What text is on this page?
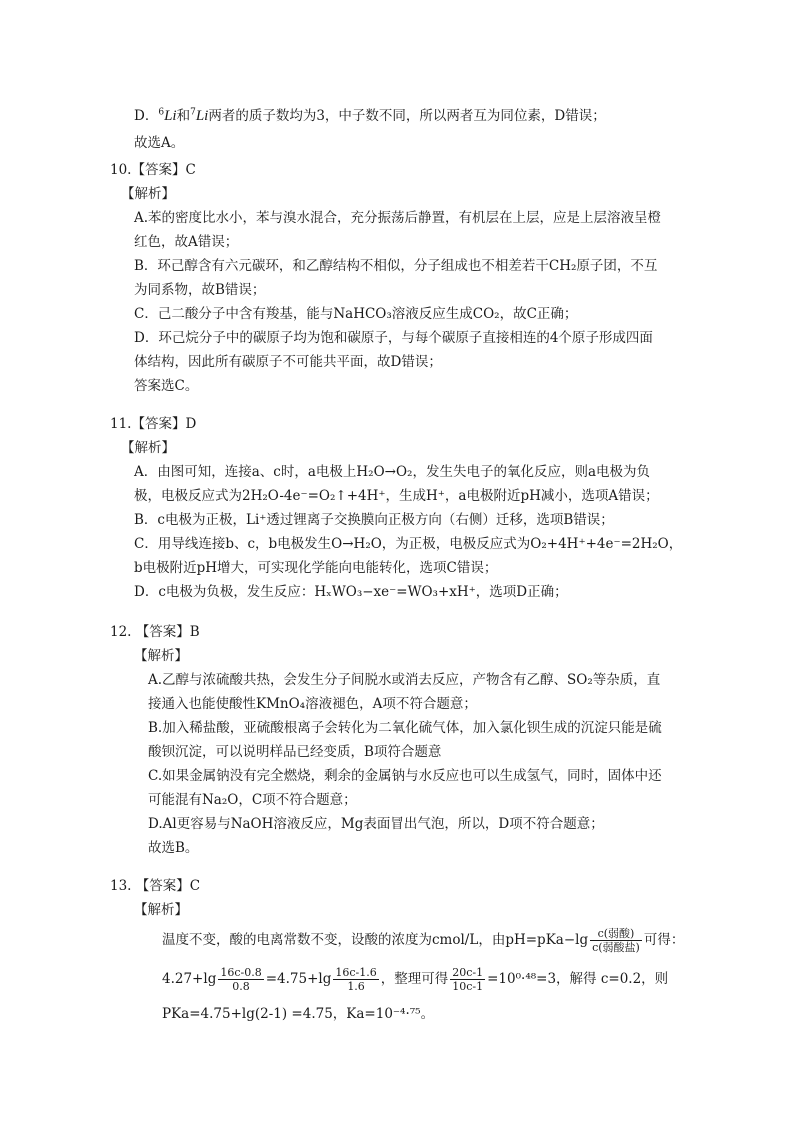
D．$^6$Li和$^7$Li两者的质子数均为3，中子数不同，所以两者互为同位素，D错误；
故选A。
10.【答案】C
【解析】
A.苯的密度比水小，苯与溴水混合，充分振荡后静置，有机层在上层，应是上层溶液呈橙
红色，故A错误；
B．环己醇含有六元碳环，和乙醇结构不相似，分子组成也不相差若干CH₂原子团，不互
为同系物，故B错误；
C．己二酸分子中含有羧基，能与NaHCO₃溶液反应生成CO₂，故C正确；
D．环己烷分子中的碳原子均为饱和碳原子，与每个碳原子直接相连的4个原子形成四面
体结构，因此所有碳原子不可能共平面，故D错误；
答案选C。
11.【答案】D
【解析】
A．由图可知，连接a、c时，a电极上H₂O→O₂，发生失电子的氧化反应，则a电极为负
极，电极反应式为2H₂O-4e⁻=O₂↑+4H⁺，生成H⁺，a电极附近pH减小，选项A错误；
B．c电极为正极，Li⁺透过锂离子交换膜向正极方向（右侧）迁移，选项B错误；
C．用导线连接b、c，b电极发生O→H₂O，为正极，电极反应式为O₂+4H⁺+4e⁻=2H₂O，
b电极附近pH增大，可实现化学能向电能转化，选项C错误；
D．c电极为负极，发生反应：HₓWO₃−xe⁻=WO₃+xH⁺，选项D正确；
12. 【答案】B
【解析】
A.乙醇与浓硫酸共热，会发生分子间脱水或消去反应，产物含有乙醇、SO₂等杂质，直
接通入也能使酸性KMnO₄溶液褪色，A项不符合题意；
B.加入稀盐酸，亚硫酸根离子会转化为二氧化硫气体，加入氯化钡生成的沉淀只能是硫
酸钡沉淀，可以说明样品已经变质，B项符合题意
C.如果金属钠没有完全燃烧，剩余的金属钠与水反应也可以生成氢气，同时，固体中还
可能混有Na₂O，C项不符合题意；
D.Al更容易与NaOH溶液反应，Mg表面冒出气泡，所以，D项不符合题意；
故选B。
13. 【答案】C
【解析】
温度不变，酸的电离常数不变，设酸的浓度为cmol/L，由$pH=pKa-\lg \frac{\text{c(弱酸)}}{\text{c(弱酸盐)}}$ 可得：
$4.27+\lg \frac{16c-0.8}{0.8} =4.75+\lg \frac{16c-1.6}{1.6}$ ，整理可得 $\frac{20c-1}{10c-1} =10^0\cdot^{48}=3$，解得 c=0.2，则
PKa=4.75+lg(2-1) =4.75，Ka=10⁻⁴·⁷⁵。
